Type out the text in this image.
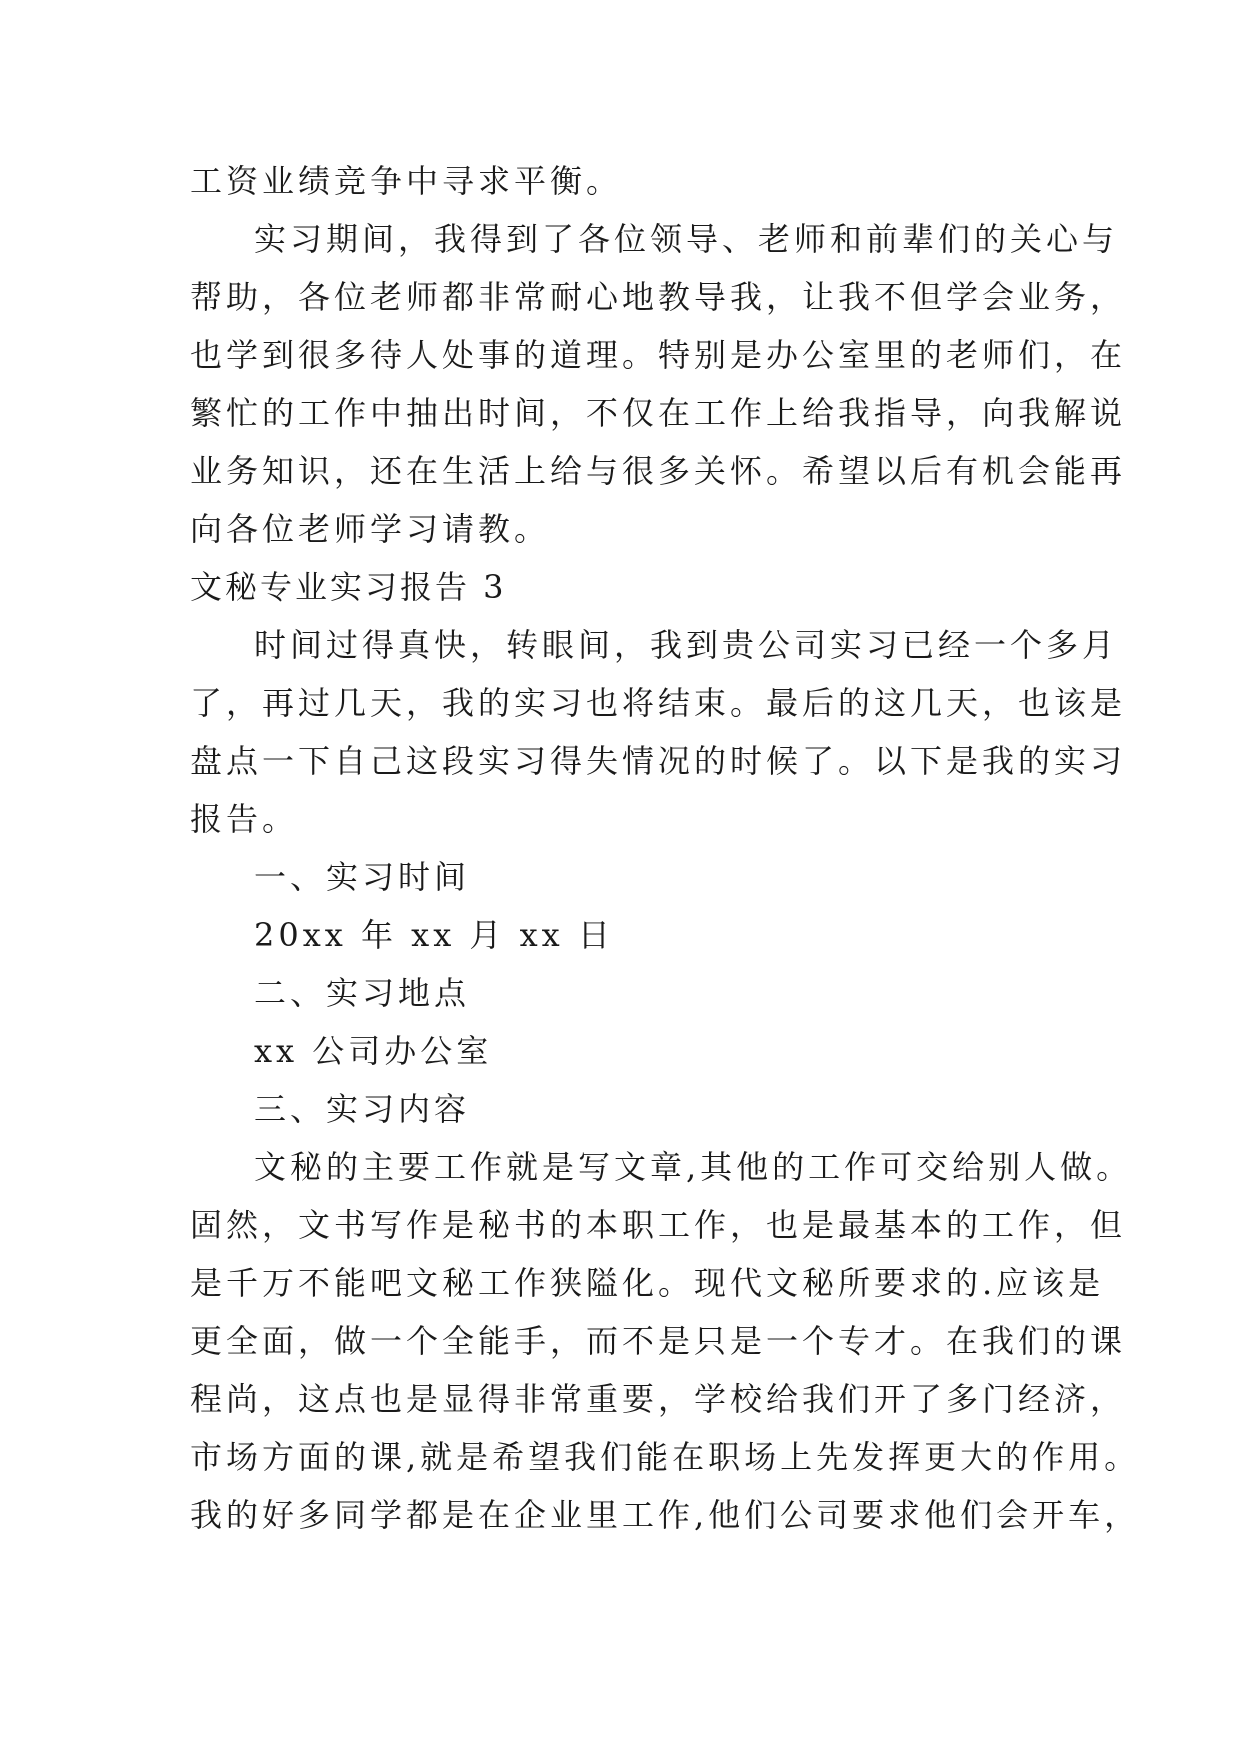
工资业绩竞争中寻求平衡。
实习期间，我得到了各位领导、老师和前辈们的关心与
帮助，各位老师都非常耐心地教导我，让我不但学会业务，
也学到很多待人处事的道理。特别是办公室里的老师们，在
繁忙的工作中抽出时间，不仅在工作上给我指导，向我解说
业务知识，还在生活上给与很多关怀。希望以后有机会能再
向各位老师学习请教。
文秘专业实习报告 3
时间过得真快，转眼间，我到贵公司实习已经一个多月
了，再过几天，我的实习也将结束。最后的这几天，也该是
盘点一下自己这段实习得失情况的时候了。以下是我的实习
报告。
一、实习时间
20xx 年 xx 月 xx 日
二、实习地点
xx 公司办公室
三、实习内容
文秘的主要工作就是写文章,其他的工作可交给别人做。
固然，文书写作是秘书的本职工作，也是最基本的工作，但
是千万不能吧文秘工作狭隘化。现代文秘所要求的.应该是
更全面，做一个全能手，而不是只是一个专才。在我们的课
程尚，这点也是显得非常重要，学校给我们开了多门经济，
市场方面的课,就是希望我们能在职场上先发挥更大的作用。
我的好多同学都是在企业里工作,他们公司要求他们会开车，
